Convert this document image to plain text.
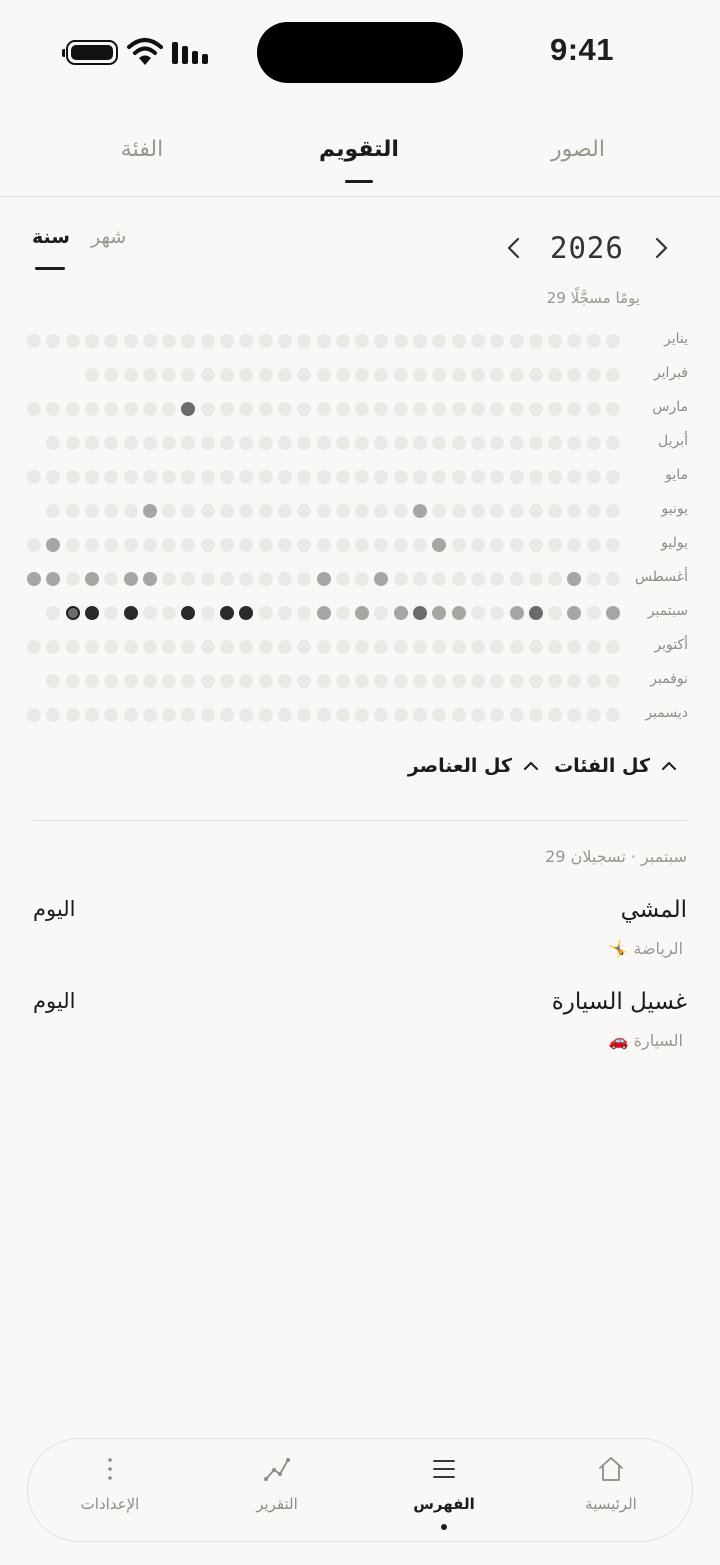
9:41
الفئة	التقويم	الصور
سنة شهر	2026
29 يومًا مسجَّلًا
يناير
فبراير
مارس
أبريل
مايو
يونيو
يوليو
أغسطس
سبتمبر
أكتوبر
نوفمبر
ديسمبر
كل الفئات
كل العناصر
29 سبتمبر · تسجيلان
المشي
🤸 الرياضة
اليوم
غسيل السيارة
🚗 السيارة
اليوم
الرئيسية
الفهرس
التقرير
الإعدادات
